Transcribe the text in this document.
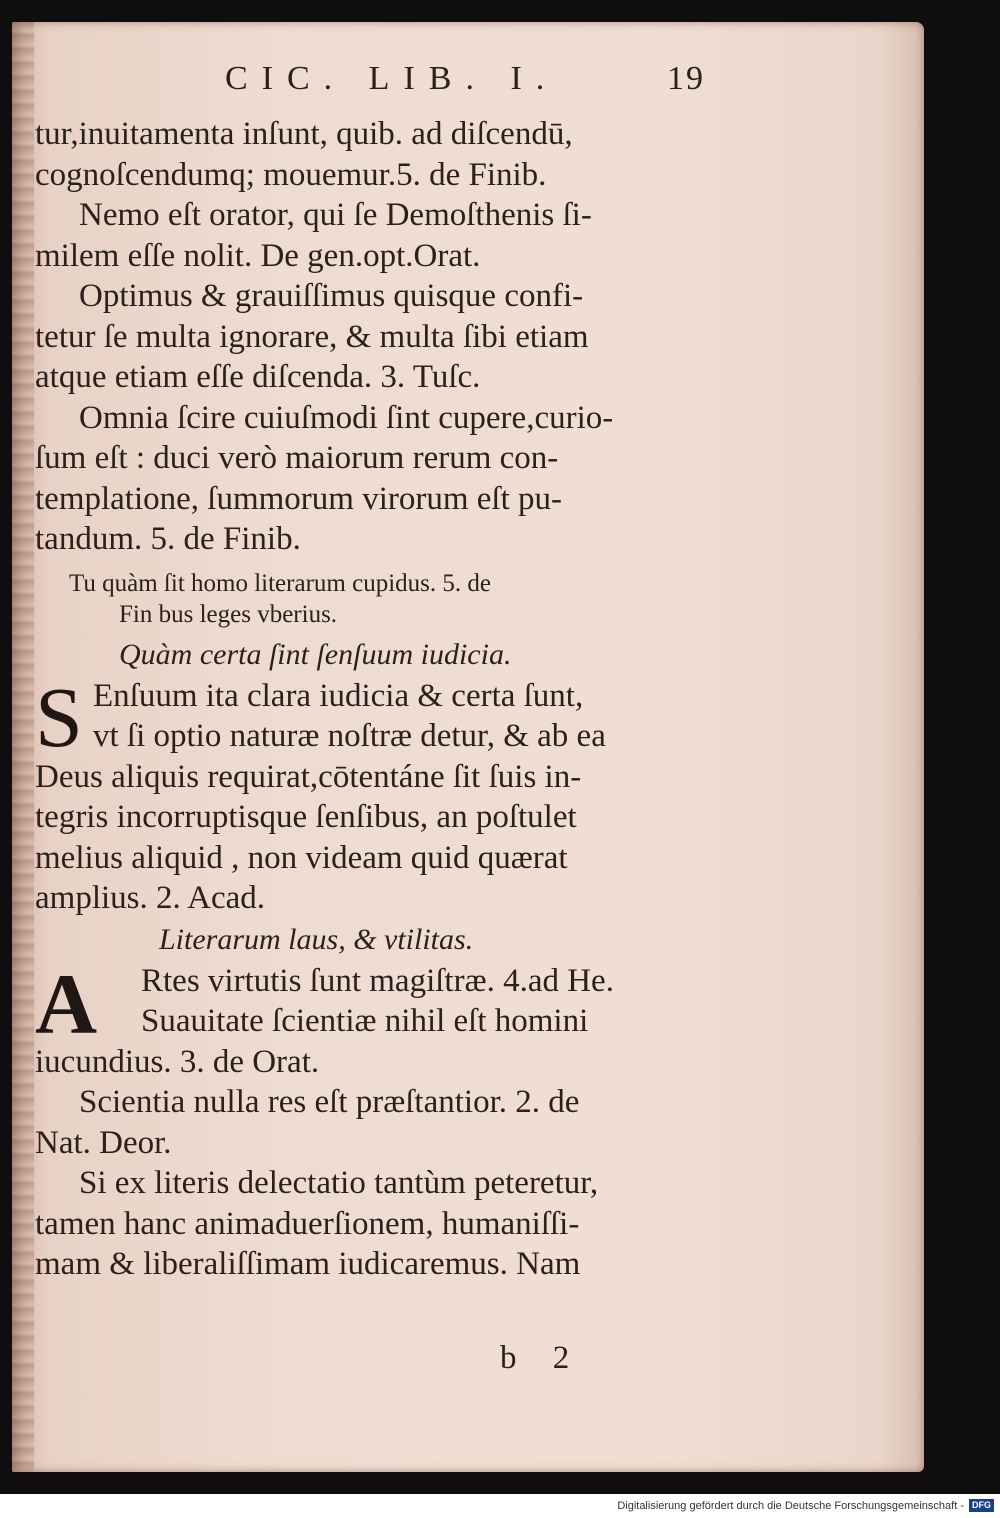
CIC. LIB. I.	19
tur,inuitamenta inſunt, quib. ad diſcendū,
cognoſcendumq; mouemur.5. de Finib.
Nemo eſt orator, qui ſe Demoſthenis ſi-
milem eſſe nolit. De gen.opt.Orat.
Optimus & grauiſſimus quisque confi-
tetur ſe multa ignorare, & multa ſibi etiam
atque etiam eſſe diſcenda. 3. Tuſc.
Omnia ſcire cuiuſmodi ſint cupere,curio-
ſum eſt : duci verò maiorum rerum con-
templatione, ſummorum virorum eſt pu-
tandum. 5. de Finib.
Tu quàm ſit homo literarum cupidus. 5. de
Fin bus leges vberius.
Quàm certa ſint ſenſuum iudicia.
S Enſuum ita clara iudicia & certa ſunt,
vt ſi optio naturæ noſtræ detur, & ab ea
Deus aliquis requirat,cōtentáne ſit ſuis in-
tegris incorruptisque ſenſibus, an poſtulet
melius aliquid , non videam quid quærat
amplius. 2. Acad.
Literarum laus, & vtilitas.
A	Rtes virtutis ſunt magiſtræ. 4.ad He.
Suauitate ſcientiæ nihil eſt homini
iucundius. 3. de Orat.
Scientia nulla res eſt præſtantior. 2. de
Nat. Deor.
Si ex literis delectatio tantùm peteretur,
tamen hanc animaduerſionem, humaniſſi-
mam & liberaliſſimam iudicaremus. Nam
b 2
Digitalisierung gefördert durch die Deutsche Forschungsgemeinschaft - DFG
